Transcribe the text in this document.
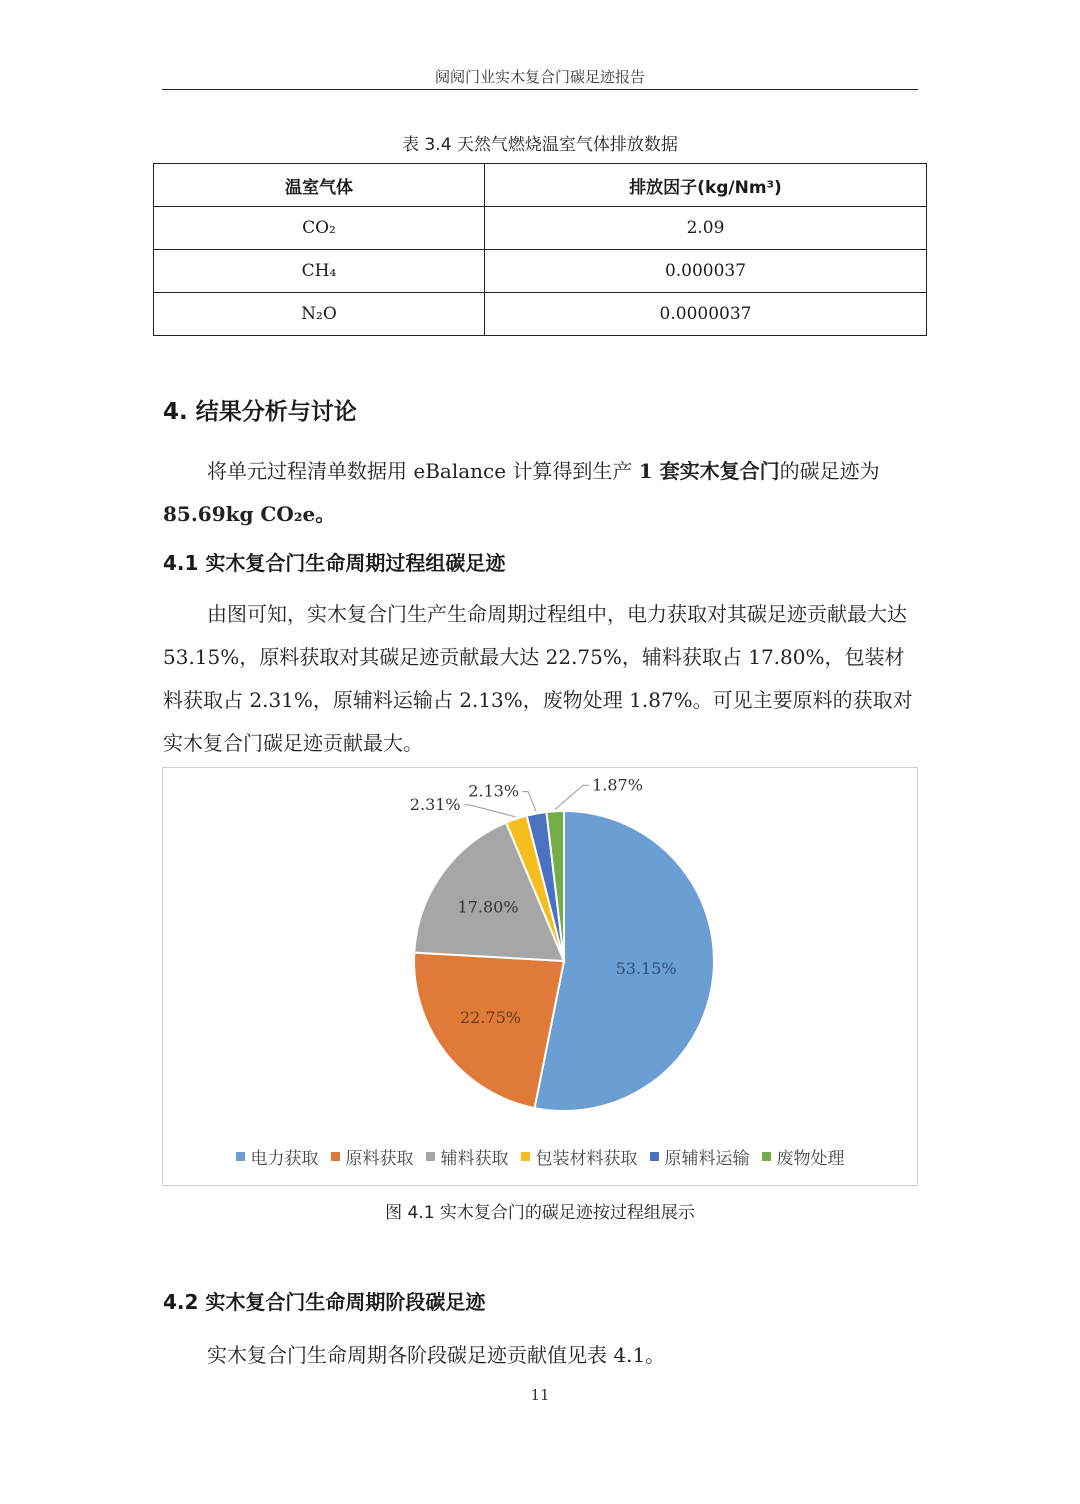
阋阋门业实木复合门碳足迹报告
表 3.4 天然气燃烧温室气体排放数据
温室气体	排放因子(kg/Nm³)
CO₂	2.09
CH₄	0.000037
N₂O	0.0000037
4. 结果分析与讨论
将单元过程清单数据用 eBalance 计算得到生产 1 套实木复合门的碳足迹为
85.69kg CO₂e。
4.1 实木复合门生命周期过程组碳足迹
由图可知，实木复合门生产生命周期过程组中，电力获取对其碳足迹贡献最大达 53.15%，原料获取对其碳足迹贡献最大达 22.75%，辅料获取占 17.80%，包装材料获取占 2.31%，原辅料运输占 2.13%，废物处理 1.87%。可见主要原料的获取对实木复合门碳足迹贡献最大。
53.15%
22.75%
17.80%
2.31%
2.13%	1.87%
电力获取 原料获取 辅料获取 包装材料获取 原辅料运输 废物处理
图 4.1 实木复合门的碳足迹按过程组展示
4.2 实木复合门生命周期阶段碳足迹
实木复合门生命周期各阶段碳足迹贡献值见表 4.1。
11
